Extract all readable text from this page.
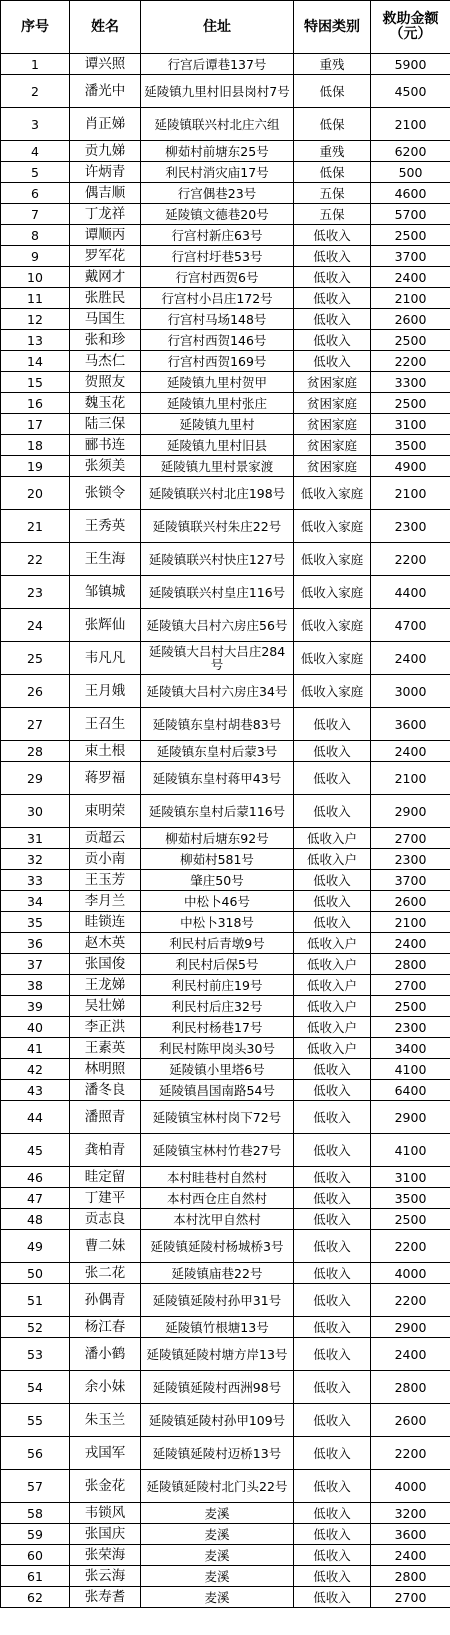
序号	姓名	住址	特困类别	救助金额（元）
1	谭兴照	行宫后谭巷137号	重残	5900
2	潘光中	延陵镇九里村旧县岗村7号	低保	4500
3	肖正娣	延陵镇联兴村北庄六组	低保	2100
4	贡九娣	柳茹村前塘东25号	重残	6200
5	许炳青	利民村消灾庙17号	低保	500
6	偶吉顺	行宫偶巷23号	五保	4600
7	丁龙祥	延陵镇文德巷20号	五保	5700
8	谭顺丙	行宫村新庄63号	低收入	2500
9	罗军花	行宫村圩巷53号	低收入	3700
10	戴网才	行宫村西贺6号	低收入	2400
11	张胜民	行宫村小吕庄172号	低收入	2100
12	马国生	行宫村马场148号	低收入	2600
13	张和珍	行宫村西贺146号	低收入	2500
14	马杰仁	行宫村西贺169号	低收入	2200
15	贺照友	延陵镇九里村贺甲	贫困家庭	3300
16	魏玉花	延陵镇九里村张庄	贫困家庭	2500
17	陆三保	延陵镇九里村	贫困家庭	3100
18	郦书连	延陵镇九里村旧县	贫困家庭	3500
19	张须美	延陵镇九里村景家渡	贫困家庭	4900
20	张锁令	延陵镇联兴村北庄198号	低收入家庭	2100
21	王秀英	延陵镇联兴村朱庄22号	低收入家庭	2300
22	王生海	延陵镇联兴村快庄127号	低收入家庭	2200
23	邹镇城	延陵镇联兴村皇庄116号	低收入家庭	4400
24	张辉仙	延陵镇大吕村六房庄56号	低收入家庭	4700
25	韦凡凡	延陵镇大吕村大吕庄284号	低收入家庭	2400
26	王月娥	延陵镇大吕村六房庄34号	低收入家庭	3000
27	王召生	延陵镇东皇村胡巷83号	低收入	3600
28	束土根	延陵镇东皇村后蒙3号	低收入	2400
29	蒋罗福	延陵镇东皇村蒋甲43号	低收入	2100
30	束明荣	延陵镇东皇村后蒙116号	低收入	2900
31	贡超云	柳茹村后塘东92号	低收入户	2700
32	贡小南	柳茹村581号	低收入户	2300
33	王玉芳	肇庄50号	低收入	3700
34	李月兰	中松卜46号	低收入	2600
35	眭锁连	中松卜318号	低收入	2100
36	赵木英	利民村后青墩9号	低收入户	2400
37	张国俊	利民村后保5号	低收入户	2800
38	王龙娣	利民村前庄19号	低收入户	2700
39	吴壮娣	利民村后庄32号	低收入户	2500
40	李正洪	利民村杨巷17号	低收入户	2300
41	王素英	利民村陈甲岗头30号	低收入户	3400
42	林明照	延陵镇小里塔6号	低收入	4100
43	潘冬良	延陵镇昌国南路54号	低收入	6400
44	潘照青	延陵镇宝林村岗下72号	低收入	2900
45	龚柏青	延陵镇宝林村竹巷27号	低收入	4100
46	眭定留	本村眭巷村自然村	低收入	3100
47	丁建平	本村西仓庄自然村	低收入	3500
48	贡志良	本村沈甲自然村	低收入	2500
49	曹二妹	延陵镇延陵村杨城桥3号	低收入	2200
50	张二花	延陵镇庙巷22号	低收入	4000
51	孙偶青	延陵镇延陵村孙甲31号	低收入	2200
52	杨江春	延陵镇竹根塘13号	低收入	2900
53	潘小鹤	延陵镇延陵村塘方岸13号	低收入	2400
54	余小妹	延陵镇延陵村西洲98号	低收入	2800
55	朱玉兰	延陵镇延陵村孙甲109号	低收入	2600
56	戎国军	延陵镇延陵村迈桥13号	低收入	2200
57	张金花	延陵镇延陵村北门头22号	低收入	4000
58	韦锁风	麦溪	低收入	3200
59	张国庆	麦溪	低收入	3600
60	张荣海	麦溪	低收入	2400
61	张云海	麦溪	低收入	2800
62	张寿耆	麦溪	低收入	2700
